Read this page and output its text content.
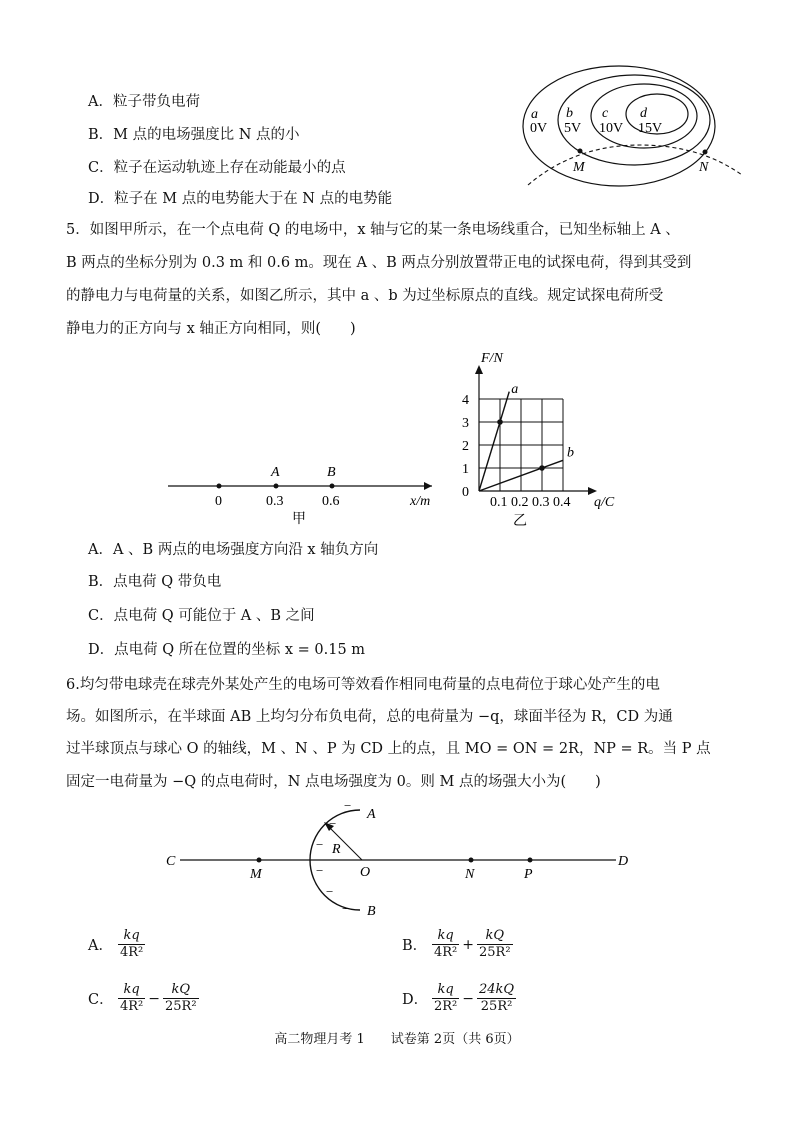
A．粒子带负电荷
B．M 点的电场强度比 N 点的小
C．粒子在运动轨迹上存在动能最小的点
D．粒子在 M 点的电势能大于在 N 点的电势能
a b c d
0V 5V 10V 15V
M	N
5．如图甲所示，在一个点电荷 Q 的电场中，x 轴与它的某一条电场线重合，已知坐标轴上 A 、
B 两点的坐标分别为 0.3 m 和 0.6 m。现在 A 、B 两点分别放置带正电的试探电荷，得到其受到
的静电力与电荷量的关系，如图乙所示，其中 a 、b 为过坐标原点的直线。规定试探电荷所受
静电力的正方向与 x 轴正方向相同，则(　　)
A	B
0	0.3	0.6	x/m
甲
F/N
q/C
0
乙
1
2
3
4
0.1 0.2 0.3 0.4
a
b
A．A 、B 两点的电场强度方向沿 x 轴负方向
B．点电荷 Q 带负电
C．点电荷 Q 可能位于 A 、B 之间
D．点电荷 Q 所在位置的坐标 x = 0.15 m
6.均匀带电球壳在球壳外某处产生的电场可等效看作相同电荷量的点电荷位于球心处产生的电
场。如图所示，在半球面 AB 上均匀分布负电荷，总的电荷量为 −q，球面半径为 R，CD 为通
过半球顶点与球心 O 的轴线，M 、N 、P 为 CD 上的点，且 MO = ON = 2R，NP = R。当 P 点
固定一电荷量为 −Q 的点电荷时，N 点电场强度为 0。则 M 点的场强大小为(　　)
C	D
M	O	N	P
A
B
R
−
−
−
−
−
−
A． $\frac{kq}{\text{4R²}}$	B． $\frac{kq}{\text{4R²}} + \frac{kQ}{\text{25R²}}$
C． $\frac{kq}{\text{4R²}} - \frac{kQ}{\text{25R²}}$	D． $\frac{kq}{\text{2R²}} - \frac{24kQ}{\text{25R²}}$
高二物理月考 1　　试卷第 2页（共 6页）
